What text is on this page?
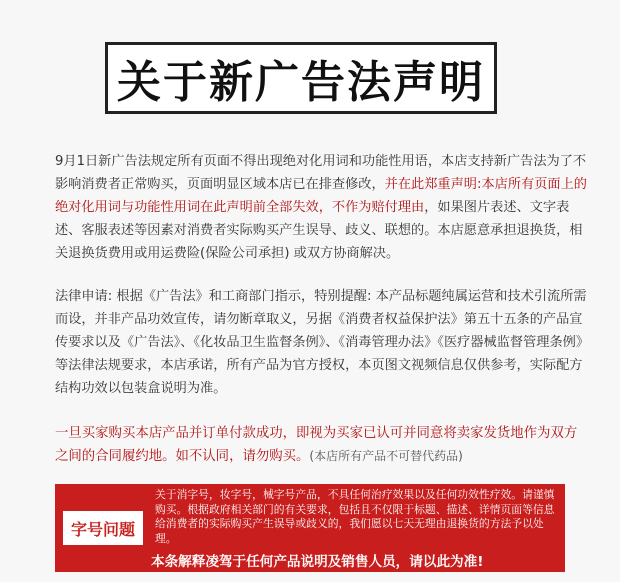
关于新广告法声明
9月1日新广告法规定所有页面不得出现绝对化用词和功能性用语，本店支持新广告法为了不影响消费者正常购买，页面明显区域本店已在排查修改，并在此郑重声明:本店所有页面上的绝对化用词与功能性用词在此声明前全部失效，不作为赔付理由，如果图片表述、文字表述、客服表述等因素对消费者实际购买产生误导、歧义、联想的。本店愿意承担退换货，相关退换货费用或用运费险(保险公司承担) 或双方协商解决。
法律申请: 根据《广告法》和工商部门指示，特别提醒: 本产品标题纯属运营和技术引流所需而设，并非产品功效宣传，请勿断章取义，另据《消费者权益保护法》第五十五条的产品宣传要求以及《广告法》、《化妆品卫生监督条例》、《消毒管理办法》《医疗器械监督管理条例》等法律法规要求，本店承诺，所有产品为官方授权，本页图文视频信息仅供参考，实际配方结构功效以包装盒说明为准。
一旦买家购买本店产品并订单付款成功，即视为买家已认可并同意将卖家发货地作为双方之间的合同履约地。如不认同，请勿购买。(本店所有产品不可替代药品)
字号问题
关于消字号，妆字号，械字号产品，不具任何治疗效果以及任何功效性疗效。请谨慎购买。根据政府相关部门的有关要求，包括且不仅限于标题、描述、详情页面等信息给消费者的实际购买产生误导或歧义的，我们愿以七天无理由退换货的方法予以处理。
本条解释凌驾于任何产品说明及销售人员，请以此为准!
